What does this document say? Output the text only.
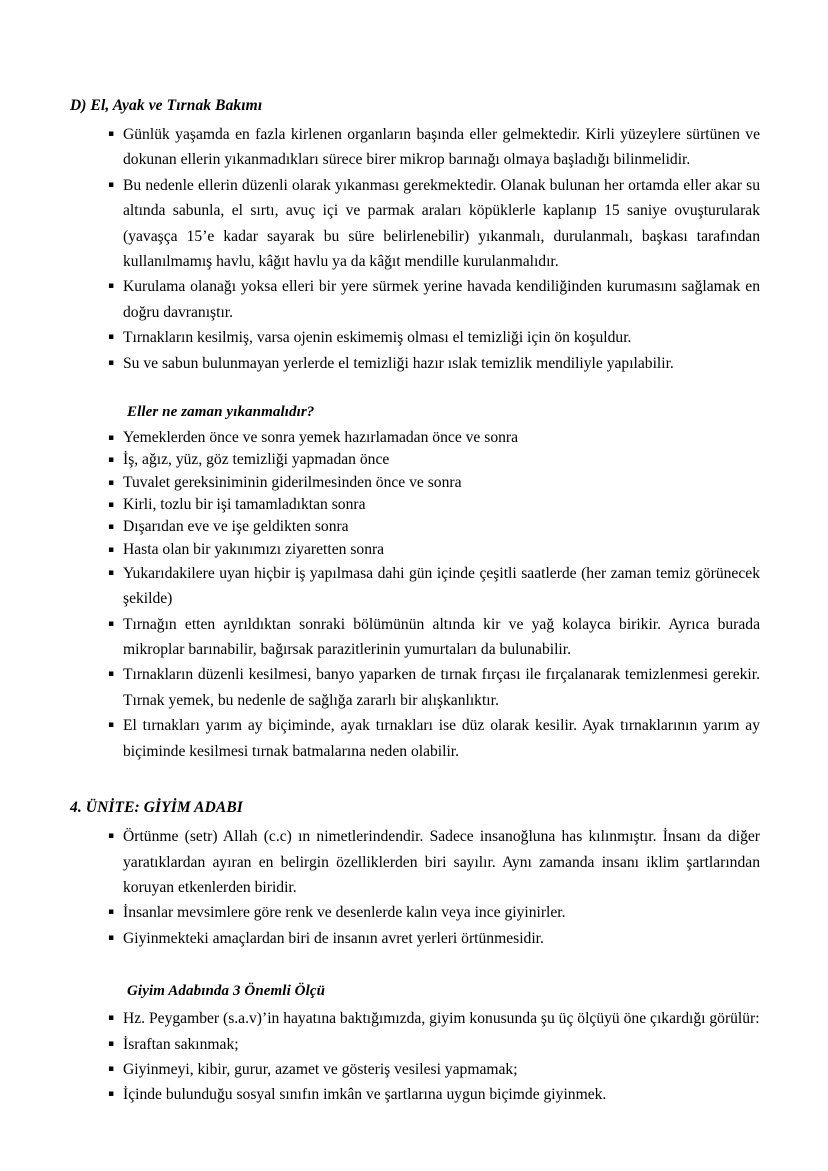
D) El, Ayak ve Tırnak Bakımı
▪ Günlük yaşamda en fazla kirlenen organların başında eller gelmektedir. Kirli yüzeylere sürtünen ve dokunan ellerin yıkanmadıkları sürece birer mikrop barınağı olmaya başladığı bilinmelidir.
▪ Bu nedenle ellerin düzenli olarak yıkanması gerekmektedir. Olanak bulunan her ortamda eller akar su altında sabunla, el sırtı, avuç içi ve parmak araları köpüklerle kaplanıp 15 saniye ovuşturularak (yavaşça 15’e kadar sayarak bu süre belirlenebilir) yıkanmalı, durulanmalı, başkası tarafından kullanılmamış havlu, kâğıt havlu ya da kâğıt mendille kurulanmalıdır.
▪ Kurulama olanağı yoksa elleri bir yere sürmek yerine havada kendiliğinden kurumasını sağlamak en doğru davranıştır.
▪ Tırnakların kesilmiş, varsa ojenin eskimemiş olması el temizliği için ön koşuldur.
▪ Su ve sabun bulunmayan yerlerde el temizliği hazır ıslak temizlik mendiliyle yapılabilir.
Eller ne zaman yıkanmalıdır?
▪ Yemeklerden önce ve sonra yemek hazırlamadan önce ve sonra
▪ İş, ağız, yüz, göz temizliği yapmadan önce
▪ Tuvalet gereksiniminin giderilmesinden önce ve sonra
▪ Kirli, tozlu bir işi tamamladıktan sonra
▪ Dışarıdan eve ve işe geldikten sonra
▪ Hasta olan bir yakınımızı ziyaretten sonra
▪ Yukarıdakilere uyan hiçbir iş yapılmasa dahi gün içinde çeşitli saatlerde (her zaman temiz görünecek şekilde)
▪ Tırnağın etten ayrıldıktan sonraki bölümünün altında kir ve yağ kolayca birikir. Ayrıca burada mikroplar barınabilir, bağırsak parazitlerinin yumurtaları da bulunabilir.
▪ Tırnakların düzenli kesilmesi, banyo yaparken de tırnak fırçası ile fırçalanarak temizlenmesi gerekir. Tırnak yemek, bu nedenle de sağlığa zararlı bir alışkanlıktır.
▪ El tırnakları yarım ay biçiminde, ayak tırnakları ise düz olarak kesilir. Ayak tırnaklarının yarım ay biçiminde kesilmesi tırnak batmalarına neden olabilir.
4. ÜNİTE: GİYİM ADABI
▪ Örtünme (setr) Allah (c.c) ın nimetlerindendir. Sadece insanoğluna has kılınmıştır. İnsanı da diğer yaratıklardan ayıran en belirgin özelliklerden biri sayılır. Aynı zamanda insanı iklim şartlarından koruyan etkenlerden biridir.
▪ İnsanlar mevsimlere göre renk ve desenlerde kalın veya ince giyinirler.
▪ Giyinmekteki amaçlardan biri de insanın avret yerleri örtünmesidir.
Giyim Adabında 3 Önemli Ölçü
▪ Hz. Peygamber (s.a.v)’in hayatına baktığımızda, giyim konusunda şu üç ölçüyü öne çıkardığı görülür:
▪ İsraftan sakınmak;
▪ Giyinmeyi, kibir, gurur, azamet ve gösteriş vesilesi yapmamak;
▪ İçinde bulunduğu sosyal sınıfın imkân ve şartlarına uygun biçimde giyinmek.
